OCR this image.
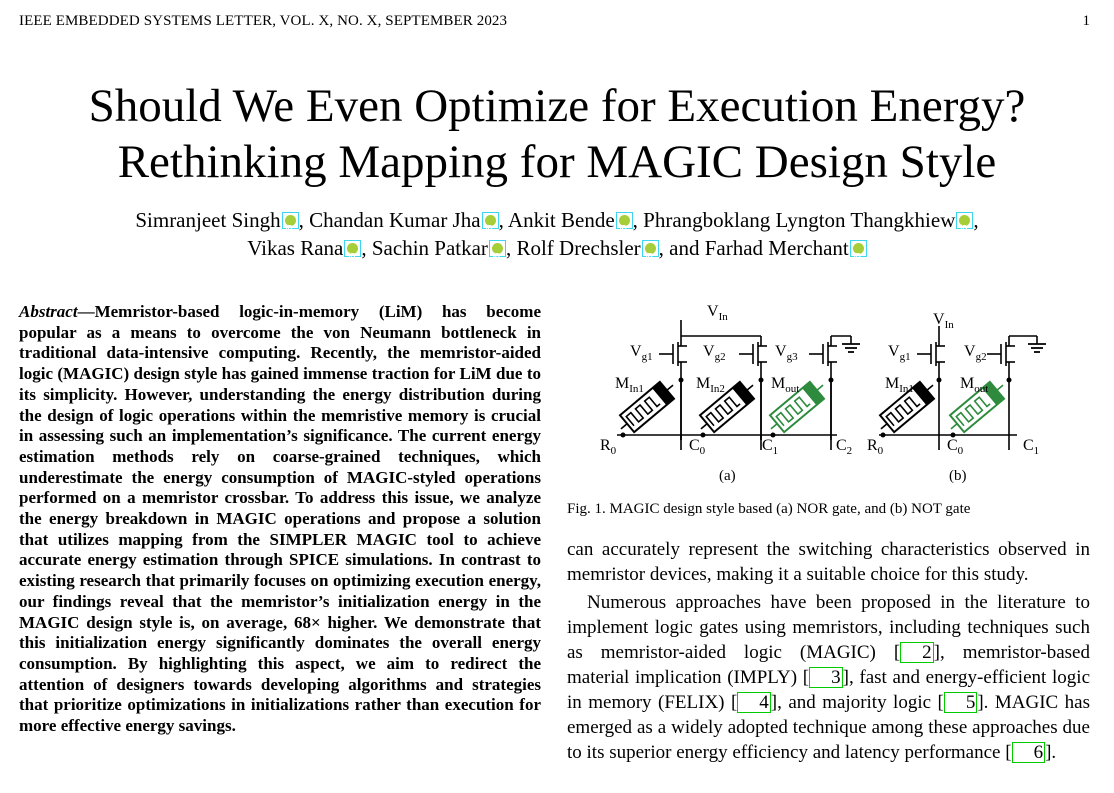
IEEE EMBEDDED SYSTEMS LETTER, VOL. X, NO. X, SEPTEMBER 2023	1
Should We Even Optimize for Execution Energy?
Rethinking Mapping for MAGIC Design Style
Simranjeet Singh iD , Chandan Kumar Jha iD , Ankit Bende iD , Phrangboklang Lyngton Thangkhiew iD ,
Vikas Rana iD , Sachin Patkar iD , Rolf Drechsler iD , and Farhad MerchantiD
Abstract—Memristor-based logic-in-memory (LiM) has become popular as a means to overcome the von Neumann bottleneck in traditional data-intensive computing. Recently, the memristor-aided logic (MAGIC) design style has gained immense traction for LiM due to its simplicity. However, understanding the energy distribution during the design of logic operations within the memristive memory is crucial in assessing such an implementation’s significance. The current energy estimation methods rely on coarse-grained techniques, which underestimate the energy consumption of MAGIC-styled operations performed on a memristor crossbar. To address this issue, we analyze the energy breakdown in MAGIC operations and propose a solution that utilizes mapping from the SIMPLER MAGIC tool to achieve accurate energy estimation through SPICE simulations. In contrast to existing research that primarily focuses on optimizing execution energy, our findings reveal that the memristor’s initialization energy in the MAGIC design style is, on average, 68× higher. We demonstrate that this initialization energy significantly dominates the overall energy consumption. By highlighting this aspect, we aim to redirect the attention of designers towards developing algorithms and strategies that prioritize optimizations in initializations rather than execution for more effective energy savings.
$V_{In}$
$V_{g1}$	$V_{g2}$	$V_{g3}$
$M_{In1}$	$M_{In2}$	$M_{out}$
$R_0$	$C_0$	$C_1$	$C_2$
(a)
$V_{In}$
$V_{g1}$	$V_{g2}$
$M_{In1}$	$M_{out}$
$R_0$	$C_0$	$C_1$
(b)
Fig. 1. MAGIC design style based (a) NOR gate, and (b) NOT gate

can accurately represent the switching characteristics observed in memristor devices, making it a suitable choice for this study.

Numerous approaches have been proposed in the literature to implement logic gates using memristors, including techniques such as memristor-aided logic (MAGIC) [ 2 ], memristor-based material implication (IMPLY) [ 3 ], fast and energy-efficient logic in memory (FELIX) [ 4 ], and majority logic [ 5 ]. MAGIC has emerged as a widely adopted technique among these approaches due to its superior energy efficiency and latency performance [ 6 ].
